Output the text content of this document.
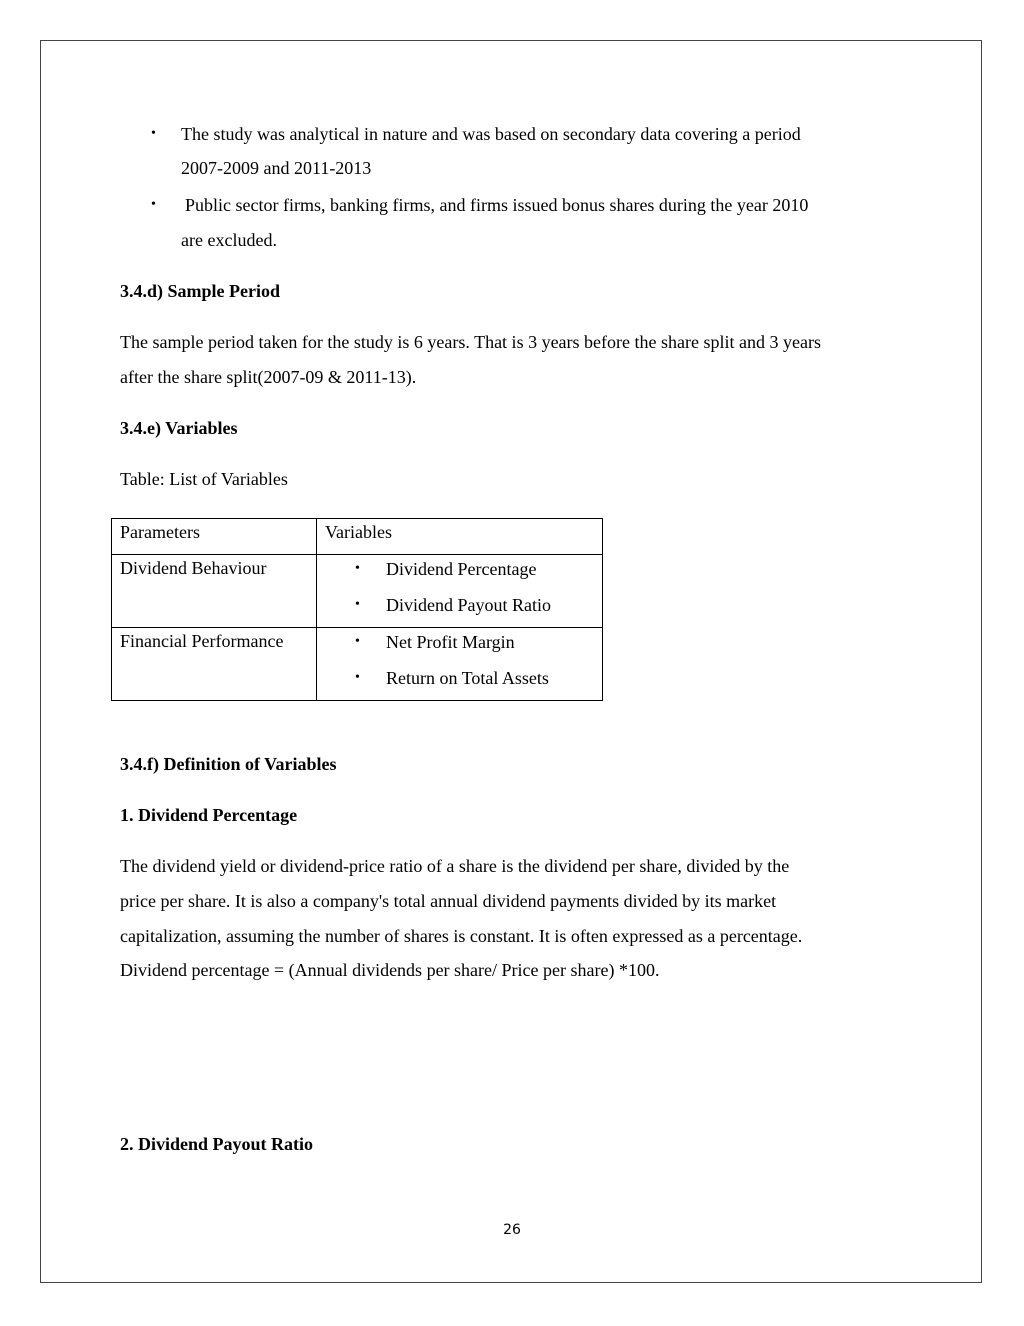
• The study was analytical in nature and was based on secondary data covering a period
2007-2009 and 2011-2013
• Public sector firms, banking firms, and firms issued bonus shares during the year 2010
are excluded.
3.4.d) Sample Period
The sample period taken for the study is 6 years. That is 3 years before the share split and 3 years
after the share split(2007-09 & 2011-13).
3.4.e) Variables
Table: List of Variables
Parameters	Variables

Dividend Behaviour	• Dividend Percentage
• Dividend Payout Ratio

Financial Performance	• Net Profit Margin
• Return on Total Assets
3.4.f) Definition of Variables
1. Dividend Percentage
The dividend yield or dividend-price ratio of a share is the dividend per share, divided by the
price per share. It is also a company's total annual dividend payments divided by its market
capitalization, assuming the number of shares is constant. It is often expressed as a percentage.
Dividend percentage = (Annual dividends per share/ Price per share) *100.
2. Dividend Payout Ratio
26
